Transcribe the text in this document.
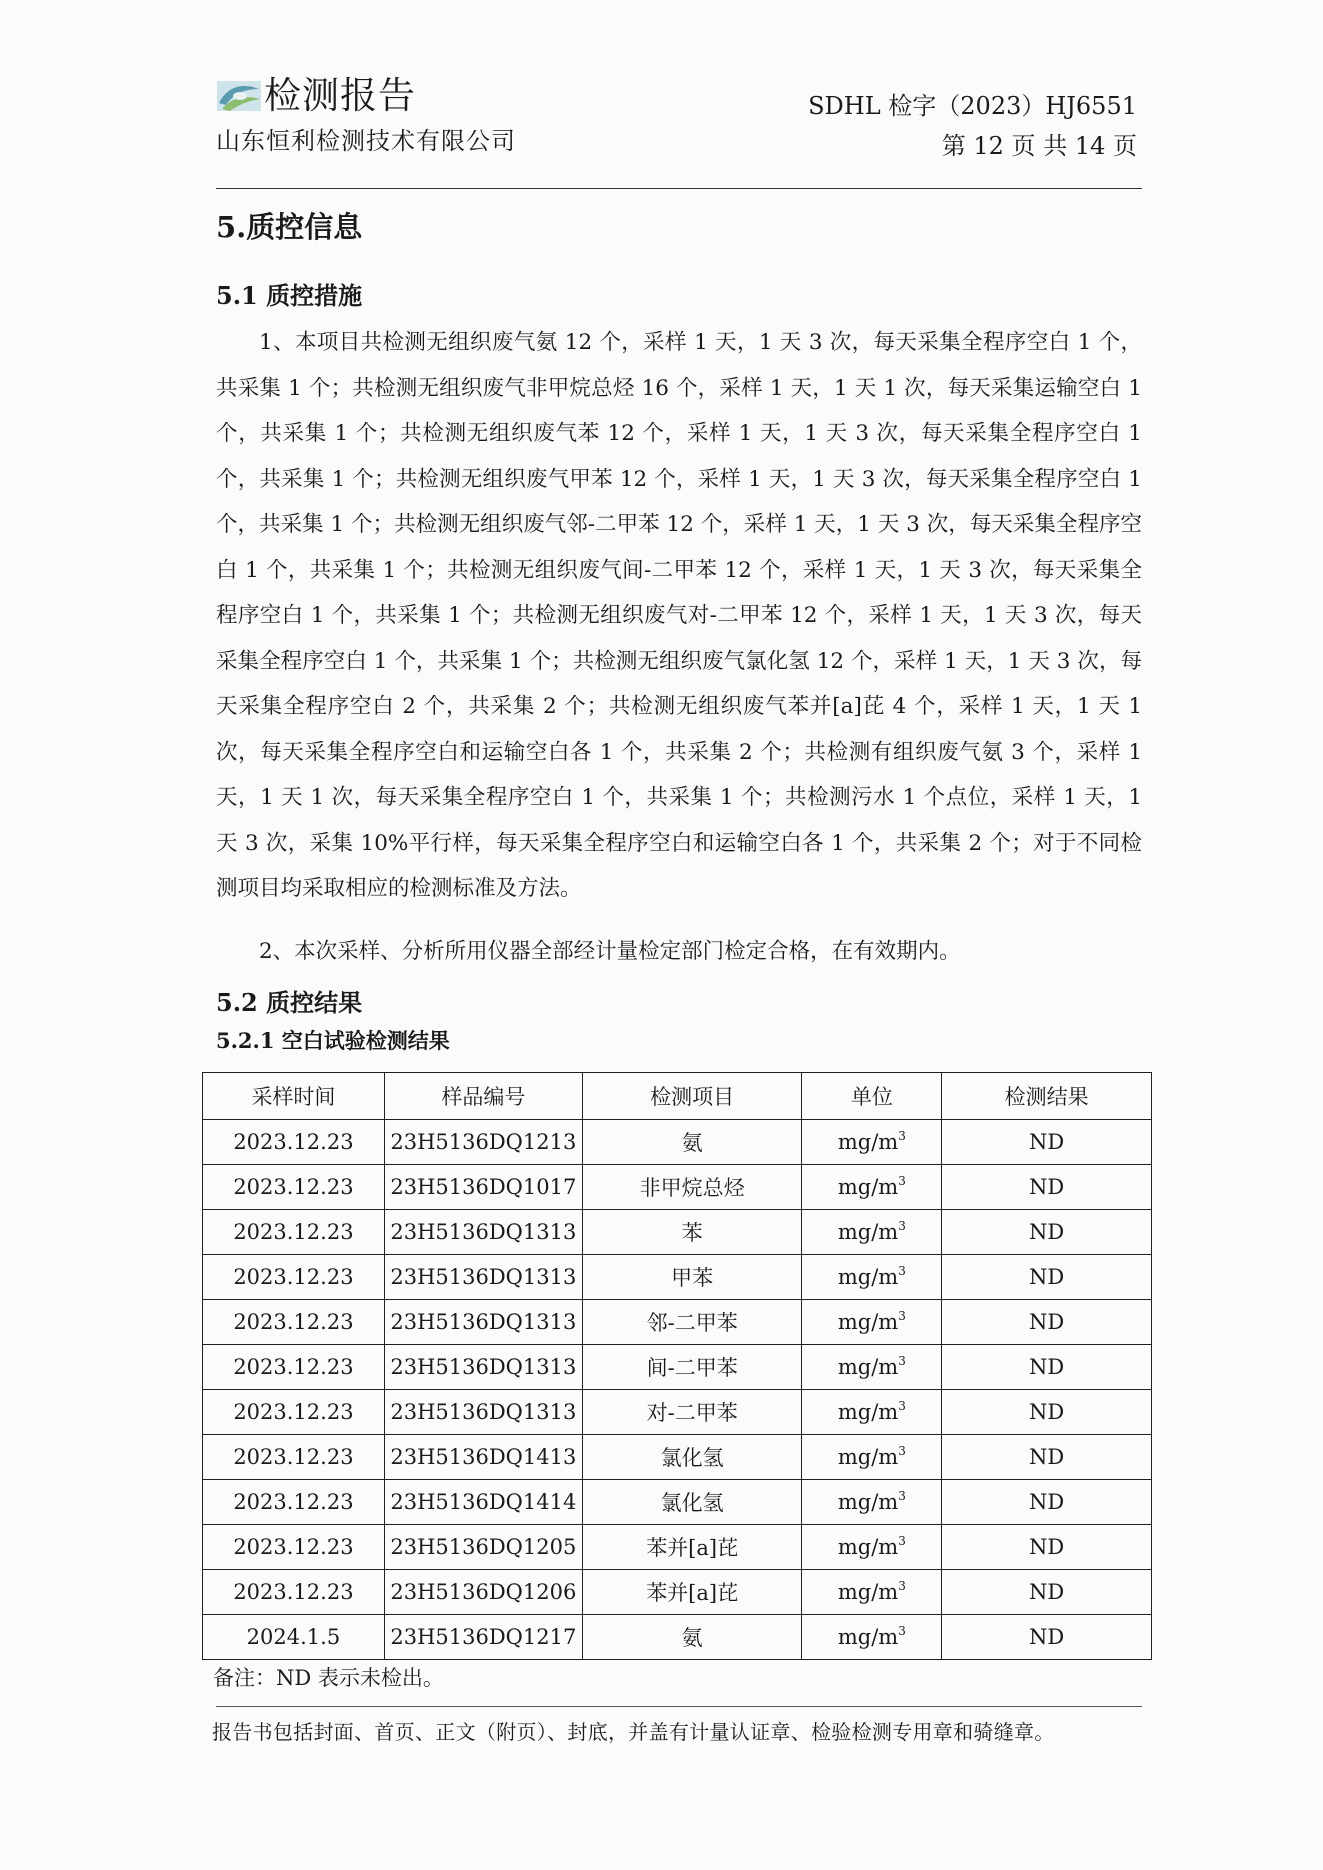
检测报告
山东恒利检测技术有限公司
SDHL 检字（2023）HJ6551
第 12 页 共 14 页
5.质控信息
5.1 质控措施

1、本项目共检测无组织废气氨 12 个，采样 1 天，1 天 3 次，每天采集全程序空白 1 个，共采集 1 个；共检测无组织废气非甲烷总烃 16 个，采样 1 天，1 天 1 次，每天采集运输空白 1 个，共采集 1 个；共检测无组织废气苯 12 个，采样 1 天，1 天 3 次，每天采集全程序空白 1 个，共采集 1 个；共检测无组织废气甲苯 12 个，采样 1 天，1 天 3 次，每天采集全程序空白 1 个，共采集 1 个；共检测无组织废气邻-二甲苯 12 个，采样 1 天，1 天 3 次，每天采集全程序空白 1 个，共采集 1 个；共检测无组织废气间-二甲苯 12 个，采样 1 天，1 天 3 次，每天采集全程序空白 1 个，共采集 1 个；共检测无组织废气对-二甲苯 12 个，采样 1 天，1 天 3 次，每天采集全程序空白 1 个，共采集 1 个；共检测无组织废气氯化氢 12 个，采样 1 天，1 天 3 次，每天采集全程序空白 2 个，共采集 2 个；共检测无组织废气苯并[a]芘 4 个，采样 1 天，1 天 1 次，每天采集全程序空白和运输空白各 1 个，共采集 2 个；共检测有组织废气氨 3 个，采样 1 天，1 天 1 次，每天采集全程序空白 1 个，共采集 1 个；共检测污水 1 个点位，采样 1 天，1 天 3 次，采集 10%平行样，每天采集全程序空白和运输空白各 1 个，共采集 2 个；对于不同检测项目均采取相应的检测标准及方法。

2、本次采样、分析所用仪器全部经计量检定部门检定合格，在有效期内。

5.2 质控结果
5.2.1 空白试验检测结果
采样时间	样品编号	检测项目	单位	检测结果
2023.12.23	23H5136DQ1213	氨	$mg/m^3$	ND
2023.12.23	23H5136DQ1017	非甲烷总烃	$mg/m^3$	ND
2023.12.23	23H5136DQ1313	苯	$mg/m^3$	ND
2023.12.23	23H5136DQ1313	甲苯	$mg/m^3$	ND
2023.12.23	23H5136DQ1313	邻-二甲苯	$mg/m^3$	ND
2023.12.23	23H5136DQ1313	间-二甲苯	$mg/m^3$	ND
2023.12.23	23H5136DQ1313	对-二甲苯	$mg/m^3$	ND
2023.12.23	23H5136DQ1413	氯化氢	$mg/m^3$	ND
2023.12.23	23H5136DQ1414	氯化氢	$mg/m^3$	ND
2023.12.23	23H5136DQ1205	苯并[a]芘	$mg/m^3$	ND
2023.12.23	23H5136DQ1206	苯并[a]芘	$mg/m^3$	ND
2024.1.5	23H5136DQ1217	氨	$mg/m^3$	ND
备注：ND 表示未检出。
报告书包括封面、首页、正文（附页）、封底，并盖有计量认证章、检验检测专用章和骑缝章。
